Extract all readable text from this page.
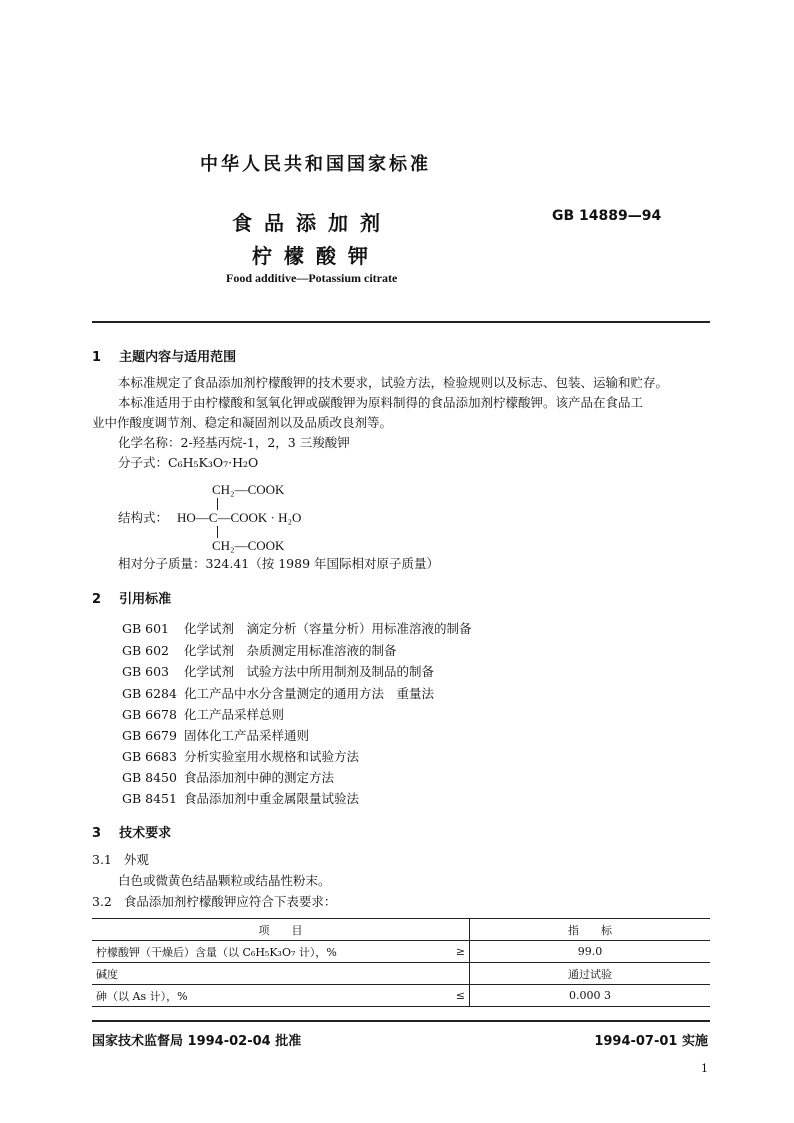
中华人民共和国国家标准
食品添加剂
柠檬酸钾
GB 14889—94
Food additive—Potassium citrate
1 主题内容与适用范围
本标准规定了食品添加剂柠檬酸钾的技术要求，试验方法，检验规则以及标志、包装、运输和贮存。
本标准适用于由柠檬酸和氢氧化钾或碳酸钾为原料制得的食品添加剂柠檬酸钾。该产品在食品工
业中作酸度调节剂、稳定和凝固剂以及品质改良剂等。
化学名称：2-羟基丙烷-1，2，3 三羧酸钾
分子式：C₆H₅K₃O₇·H₂O
CH₂—COOK
结构式： HO—C—COOK · H₂O
CH₂—COOK
相对分子质量：324.41（按 1989 年国际相对原子质量）
2 引用标准
GB 601 化学试剂　滴定分析（容量分析）用标准溶液的制备
GB 602 化学试剂　杂质测定用标准溶液的制备
GB 603 化学试剂　试验方法中所用制剂及制品的制备
GB 6284 化工产品中水分含量测定的通用方法　重量法
GB 6678 化工产品采样总则
GB 6679 固体化工产品采样通则
GB 6683 分析实验室用水规格和试验方法
GB 8450 食品添加剂中砷的测定方法
GB 8451 食品添加剂中重金属限量试验法
3 技术要求
3.1 外观
白色或微黄色结晶颗粒或结晶性粉末。
3.2 食品添加剂柠檬酸钾应符合下表要求：
项　　目		指　　标
柠檬酸钾（干燥后）含量（以 C₆H₅K₃O₇ 计），%	≥	99.0
碱度		通过试验
砷（以 As 计），%	≤	0.000 3
国家技术监督局 1994-02-04 批准	1994-07-01 实施
1
